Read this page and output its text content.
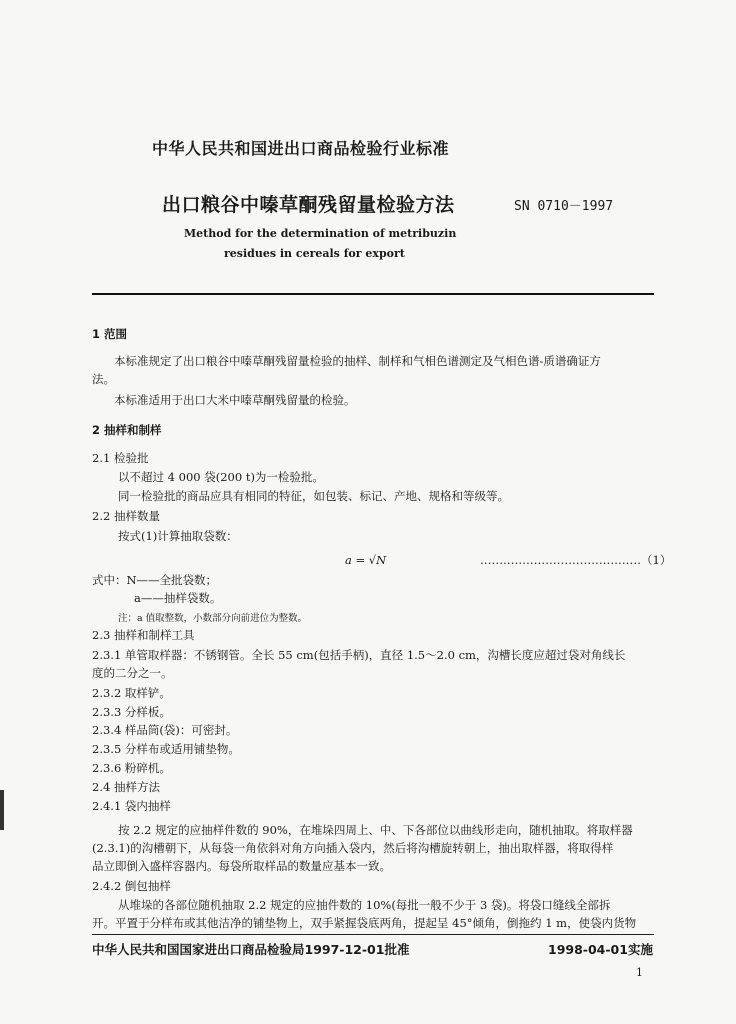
中华人民共和国进出口商品检验行业标准
出口粮谷中嗪草酮残留量检验方法	SN 0710－1997
Method for the determination of metribuzin
residues in cereals for export
1 范围
本标准规定了出口粮谷中嗪草酮残留量检验的抽样、制样和气相色谱测定及气相色谱-质谱确证方
法。
本标准适用于出口大米中嗪草酮残留量的检验。
2 抽样和制样
2.1 检验批
以不超过 4 000 袋(200 t)为一检验批。
同一检验批的商品应具有相同的特征，如包装、标记、产地、规格和等级等。
2.2 抽样数量
按式(1)计算抽取袋数：
a = √N	……………………………………（1）
式中：N——全批袋数；
a——抽样袋数。
注：a 值取整数，小数部分向前进位为整数。
2.3 抽样和制样工具
2.3.1 单管取样器：不锈钢管。全长 55 cm(包括手柄)，直径 1.5～2.0 cm，沟槽长度应超过袋对角线长
度的二分之一。
2.3.2 取样铲。
2.3.3 分样板。
2.3.4 样品筒(袋)：可密封。
2.3.5 分样布或适用铺垫物。
2.3.6 粉碎机。
2.4 抽样方法
2.4.1 袋内抽样
按 2.2 规定的应抽样件数的 90%，在堆垛四周上、中、下各部位以曲线形走向，随机抽取。将取样器
(2.3.1)的沟槽朝下，从每袋一角依斜对角方向插入袋内，然后将沟槽旋转朝上，抽出取样器，将取得样
品立即倒入盛样容器内。每袋所取样品的数量应基本一致。
2.4.2 倒包抽样
从堆垛的各部位随机抽取 2.2 规定的应抽件数的 10%(每批一般不少于 3 袋)。将袋口缝线全部拆
开。平置于分样布或其他洁净的铺垫物上，双手紧握袋底两角，提起呈 45°倾角，倒拖约 1 m，使袋内货物
中华人民共和国国家进出口商品检验局1997-12-01批准	1998-04-01实施
1
